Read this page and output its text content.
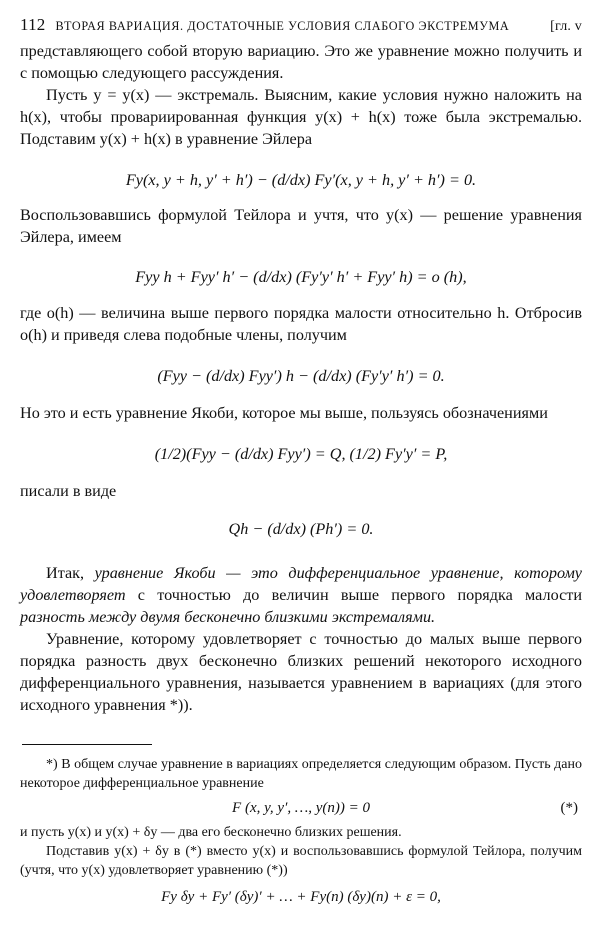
112 ВТОРАЯ ВАРИАЦИЯ. ДОСТАТОЧНЫЕ УСЛОВИЯ СЛАБОГО ЭКСТРЕМУМА	[гл. v

представляющего собой вторую вариацию. Это же уравнение можно получить и с помощью следующего рассуждения.

Пусть y = y(x) — экстремаль. Выясним, какие условия нужно наложить на h(x), чтобы провариированная функция y(x) + h(x) тоже была экстремалью. Подставим y(x) + h(x) в уравнение Эйлера

Fy(x, y + h, y′ + h′) − (d/dx) Fy′(x, y + h, y′ + h′) = 0.

Воспользовавшись формулой Тейлора и учтя, что y(x) — решение уравнения Эйлера, имеем

Fyy h + Fyy′ h′ − (d/dx) (Fy′y′ h′ + Fyy′ h) = o (h),

где o(h) — величина выше первого порядка малости относительно h. Отбросив o(h) и приведя слева подобные члены, получим

(Fyy − (d/dx) Fyy′) h − (d/dx) (Fy′y′ h′) = 0.

Но это и есть уравнение Якоби, которое мы выше, пользуясь обозначениями

(1/2)(Fyy − (d/dx) Fyy′) = Q, (1/2) Fy′y′ = P,

писали в виде

Qh − (d/dx) (Ph′) = 0.

Итак, уравнение Якоби — это дифференциальное уравнение, которому удовлетворяет с точностью до величин выше первого порядка малости разность между двумя бесконечно близкими экстремалями.

Уравнение, которому удовлетворяет с точностью до малых выше первого порядка разность двух бесконечно близких решений некоторого исходного дифференциального уравнения, называется уравнением в вариациях (для этого исходного уравнения *)).

*) В общем случае уравнение в вариациях определяется следующим образом. Пусть дано некоторое дифференциальное уравнение

F (x, y, y′, …, y(n)) = 0	(*)

и пусть y(x) и y(x) + δy — два его бесконечно близких решения.

Подставив y(x) + δy в (*) вместо y(x) и воспользовавшись формулой Тейлора, получим (учтя, что y(x) удовлетворяет уравнению (*))

Fy δy + Fy′ (δy)′ + … + Fy(n) (δy)(n) + ε = 0,
